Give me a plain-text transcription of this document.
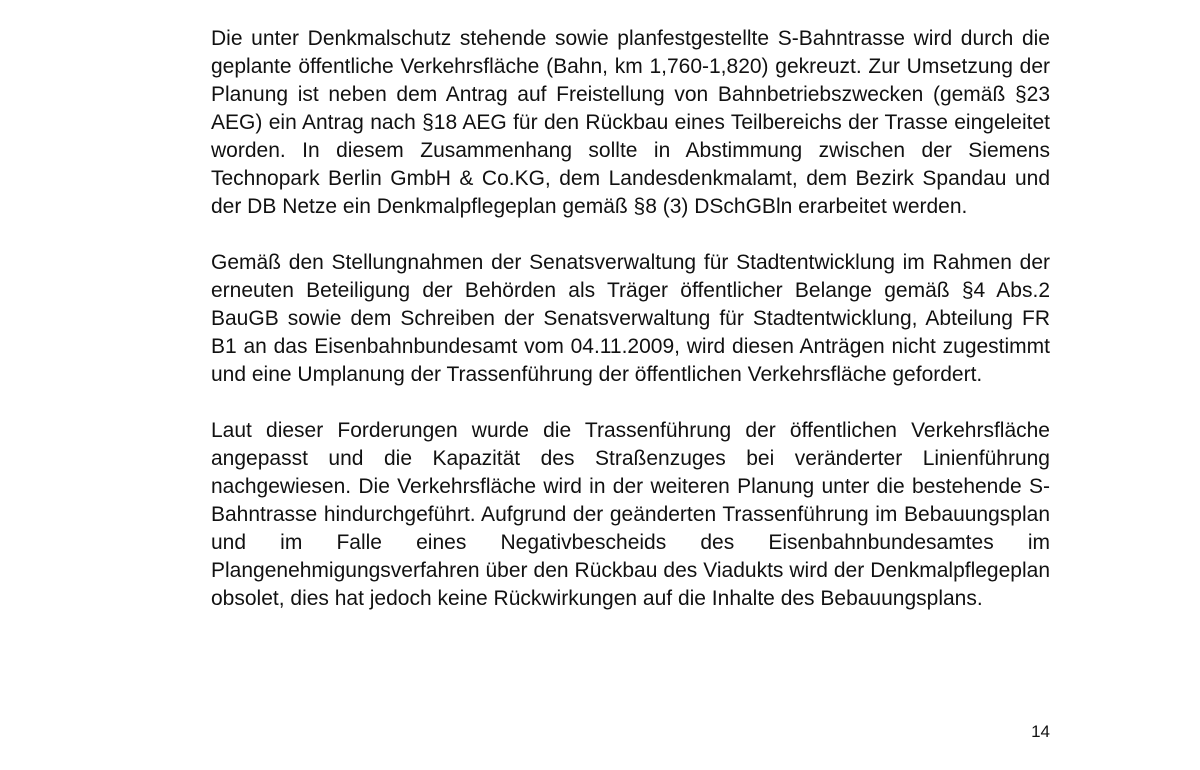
Die unter Denkmalschutz stehende sowie planfestgestellte S-Bahntrasse wird durch die geplante öffentliche Verkehrsfläche (Bahn, km 1,760-1,820) gekreuzt. Zur Umsetzung der Planung ist neben dem Antrag auf Freistellung von Bahnbetriebszwecken (gemäß §23 AEG) ein Antrag nach §18 AEG für den Rückbau eines Teilbereichs der Trasse eingeleitet worden. In diesem Zusammenhang sollte in Abstimmung zwischen der Siemens Technopark Berlin GmbH & Co.KG, dem Landesdenkmalamt, dem Bezirk Spandau und der DB Netze ein Denkmalpflegeplan gemäß §8 (3) DSchGBln erarbeitet werden.

Gemäß den Stellungnahmen der Senatsverwaltung für Stadtentwicklung im Rahmen der erneuten Beteiligung der Behörden als Träger öffentlicher Belange gemäß §4 Abs.2 BauGB sowie dem Schreiben der Senatsverwaltung für Stadtentwicklung, Abteilung FR B1 an das Eisenbahnbundesamt vom 04.11.2009, wird diesen Anträgen nicht zugestimmt und eine Umplanung der Trassenführung der öffentlichen Verkehrsfläche gefordert.

Laut dieser Forderungen wurde die Trassenführung der öffentlichen Verkehrsfläche angepasst und die Kapazität des Straßenzuges bei veränderter Linienführung nachgewiesen. Die Verkehrsfläche wird in der weiteren Planung unter die bestehende S-Bahntrasse hindurchgeführt. Aufgrund der geänderten Trassenführung im Bebauungsplan und im Falle eines Negativbescheids des Eisenbahnbundesamtes im Plangenehmigungsverfahren über den Rückbau des Viadukts wird der Denkmalpflegeplan obsolet, dies hat jedoch keine Rückwirkungen auf die Inhalte des Bebauungsplans.

14
